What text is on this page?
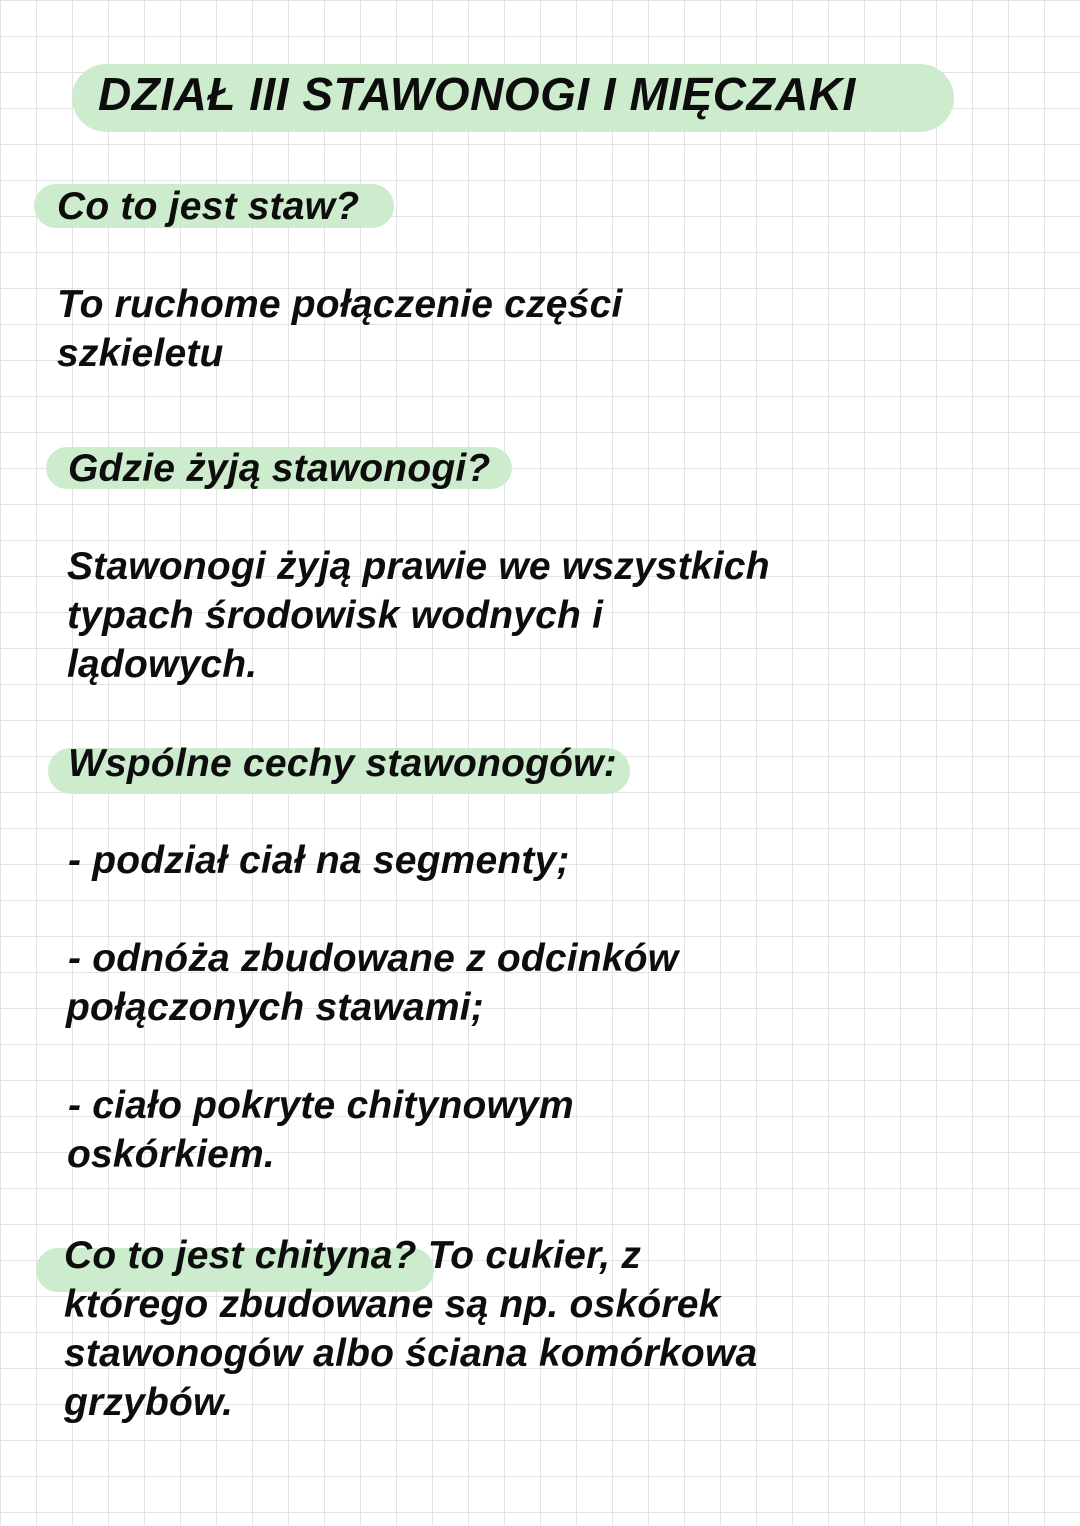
DZIAŁ III STAWONOGI I MIĘCZAKI

Co to jest staw?

To ruchome połączenie części

szkieletu

Gdzie żyją stawonogi?

Stawonogi żyją prawie we wszystkich

typach środowisk wodnych i

lądowych.

Wspólne cechy stawonogów:

- podział ciał na segmenty;

- odnóża zbudowane z odcinków

połączonych stawami;

- ciało pokryte chitynowym

oskórkiem.

Co to jest chityna? To cukier, z

którego zbudowane są np. oskórek

stawonogów albo ściana komórkowa

grzybów.
